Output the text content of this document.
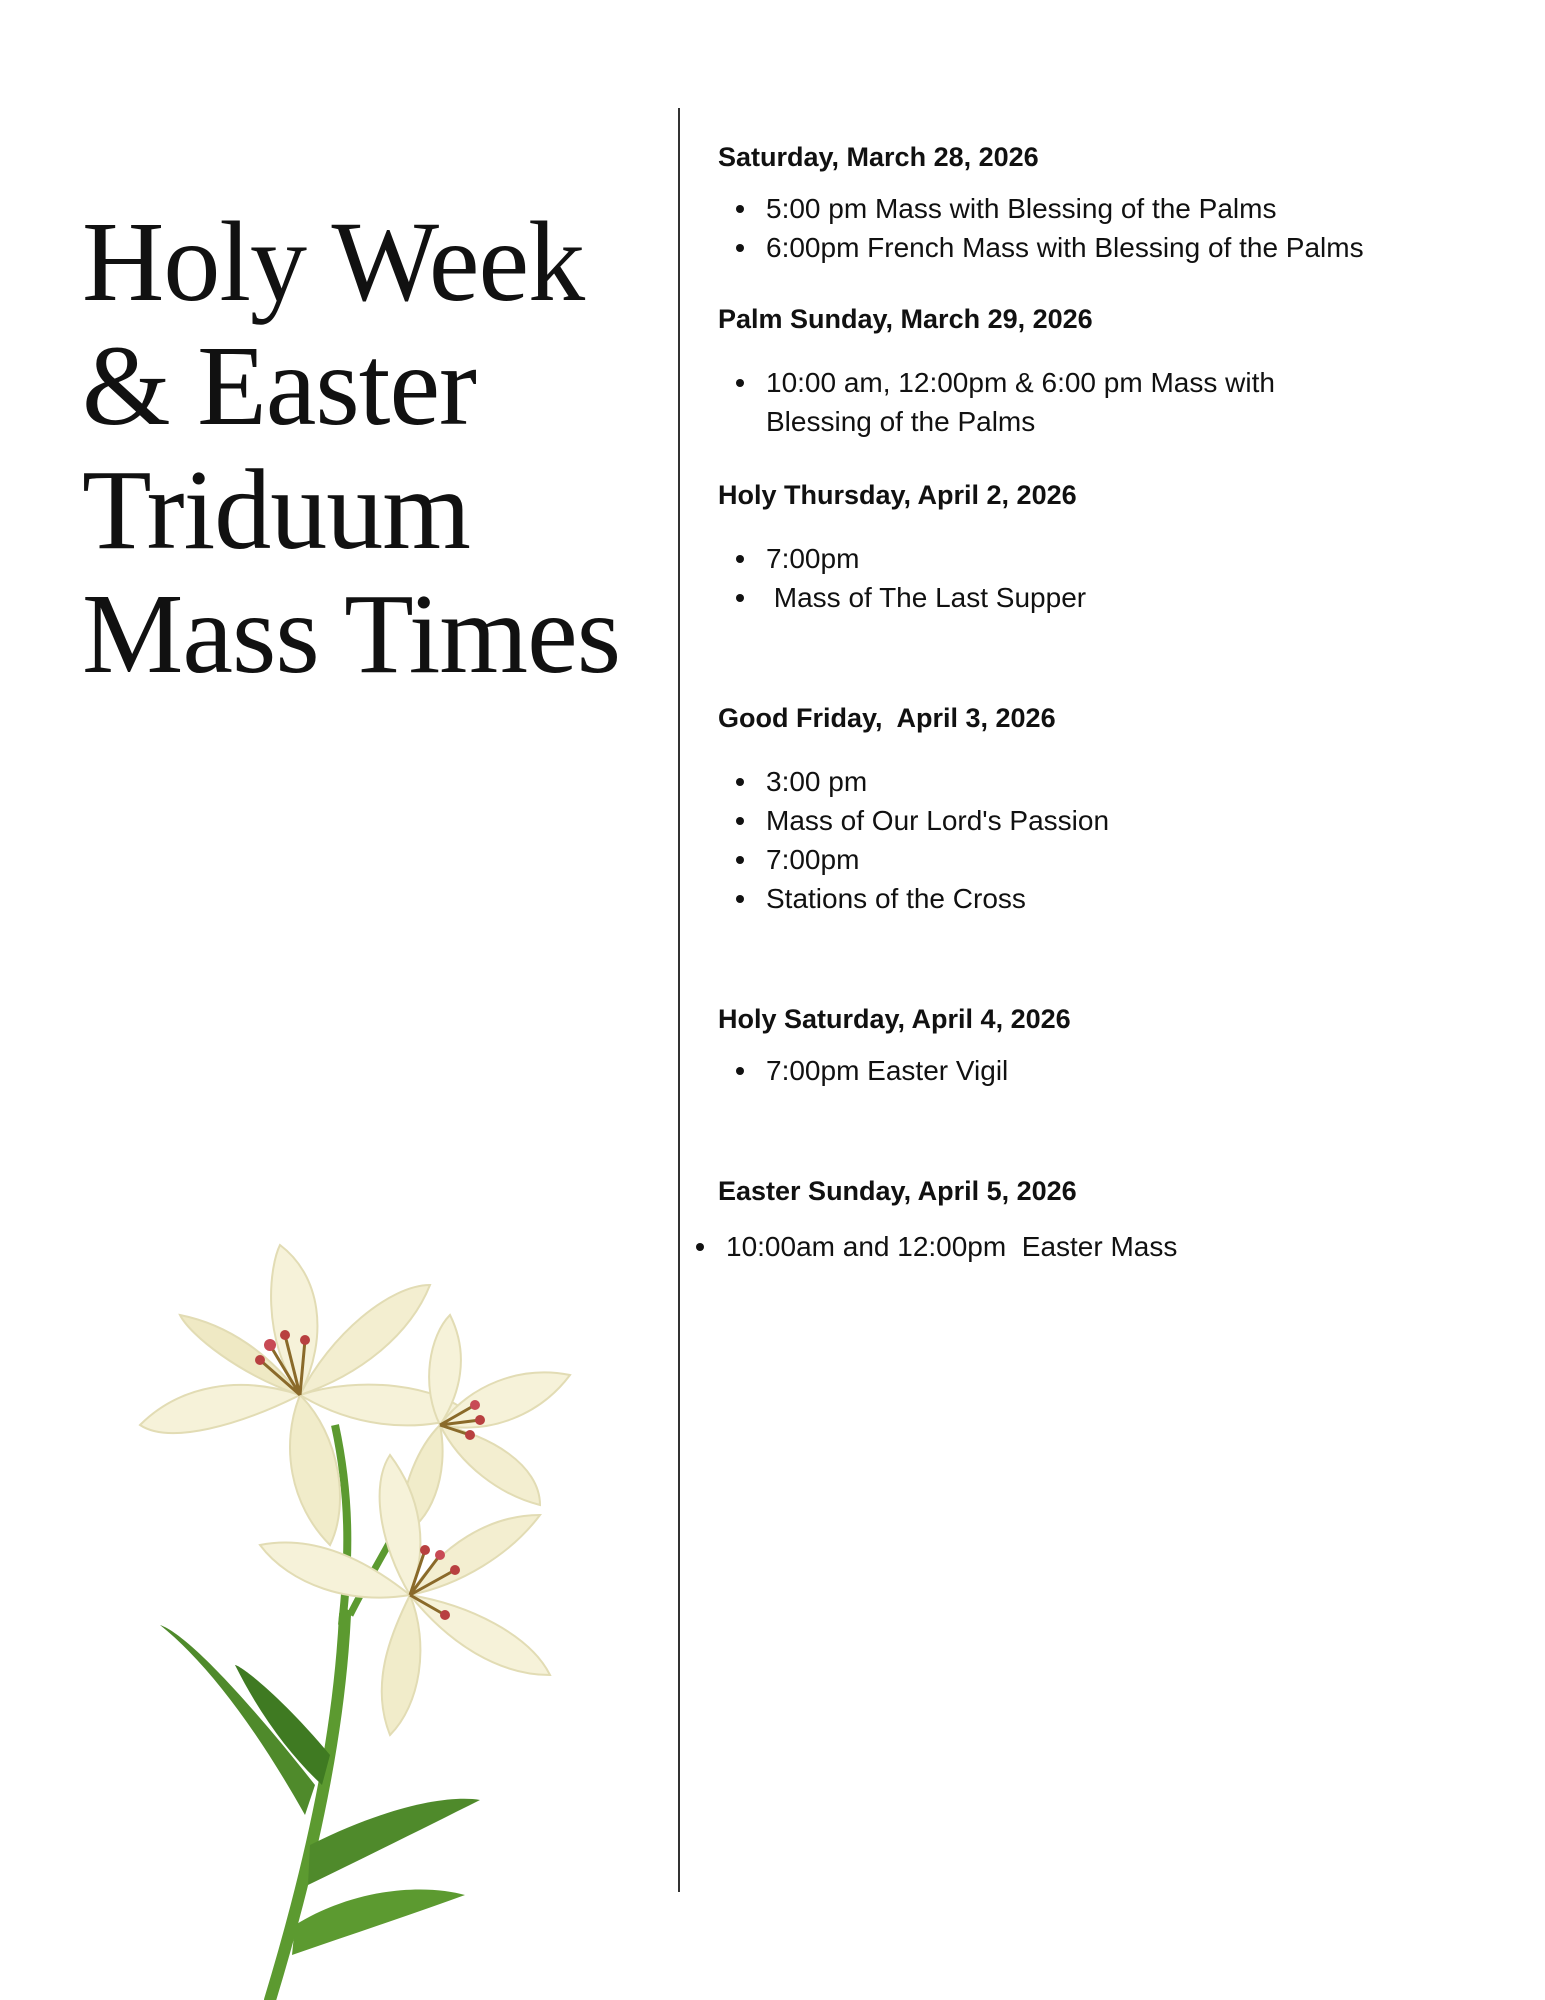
Holy Week
& Easter
Triduum
Mass Times
Saturday, March 28, 2026
5:00 pm Mass with Blessing of the Palms
6:00pm French Mass with Blessing of the Palms
Palm Sunday, March 29, 2026
10:00 am, 12:00pm & 6:00 pm Mass with
Blessing of the Palms
Holy Thursday, April 2, 2026
7:00pm
Mass of The Last Supper
Good Friday,  April 3, 2026
3:00 pm
Mass of Our Lord's Passion
7:00pm
Stations of the Cross
Holy Saturday, April 4, 2026
7:00pm Easter Vigil
Easter Sunday, April 5, 2026
10:00am and 12:00pm  Easter Mass
